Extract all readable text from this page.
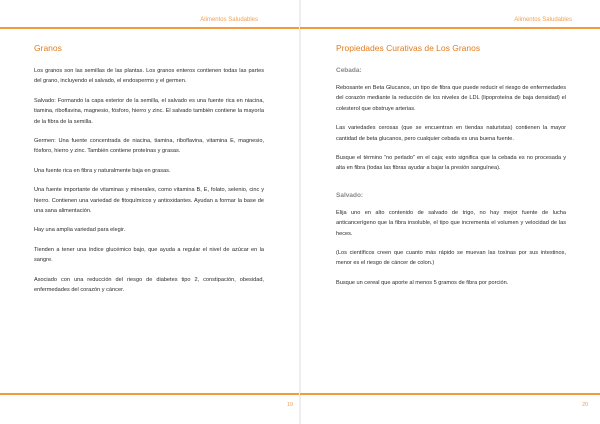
Alimentos Saludables
Granos

Los granos son las semillas de las plantas. Los granos enteros contienen todas las partes del grano, incluyendo el salvado, el endospermo y el germen.

Salvado: Formando la capa exterior de la semilla, el salvado es una fuente rica en niacina, tiamina, riboflavina, magnesio, fósforo, hierro y zinc. El salvado también contiene la mayoría de la fibra de la semilla.

Germen: Una fuente concentrada de niacina, tiamina, riboflavina, vitamina E, magnesio, fósforo, hierro y zinc. También contiene proteínas y grasas.

Una fuente rica en fibra y naturalmente baja en grasas.

Una fuente importante de vitaminas y minerales, como vitamina B, E, folato, selenio, cinc y hierro. Contienen una variedad de fitoquímicos y antioxidantes. Ayudan a formar la base de una sana alimentación.

Hay una amplia variedad para elegir.

Tienden a tener una índice glucémico bajo, que ayuda a regular el nivel de azúcar en la sangre.

Asociado con una reducción del riesgo de diabetes tipo 2, constipación, obesidad, enfermedades del corazón y cáncer.

19
Alimentos Saludables
Propiedades Curativas de Los Granos
Cebada:

Rebosante en Beta Glucanos, un tipo de fibra que puede reducir el riesgo de enfermedades del corazón mediante la reducción de los niveles de LDL (lipoproteína de baja densidad) el colesterol que obstruye arterias.

Las variedades cerosas (que se encuentran en tiendas naturistas) contienen la mayor cantidad de beta glucanos, pero cualquier cebada es una buena fuente.

Busque el término “no perlado” en el caja; esto significa que la cebada es no procesada y alta en fibra (todas las fibras ayudar a bajar la presión sanguínea).

Salvado:

Elija uno en alto contenido de salvado de trigo, no hay mejor fuente de lucha anticancerígeno que la fibra insoluble, el tipo que incrementa el volumen y velocidad de las heces.

(Los científicos creen que cuanto más rápido se muevan las toxinas por sus intestinos, menor es el riesgo de cáncer de colon.)

Busque un cereal que aporte al menos 5 gramos de fibra por porción.

20
